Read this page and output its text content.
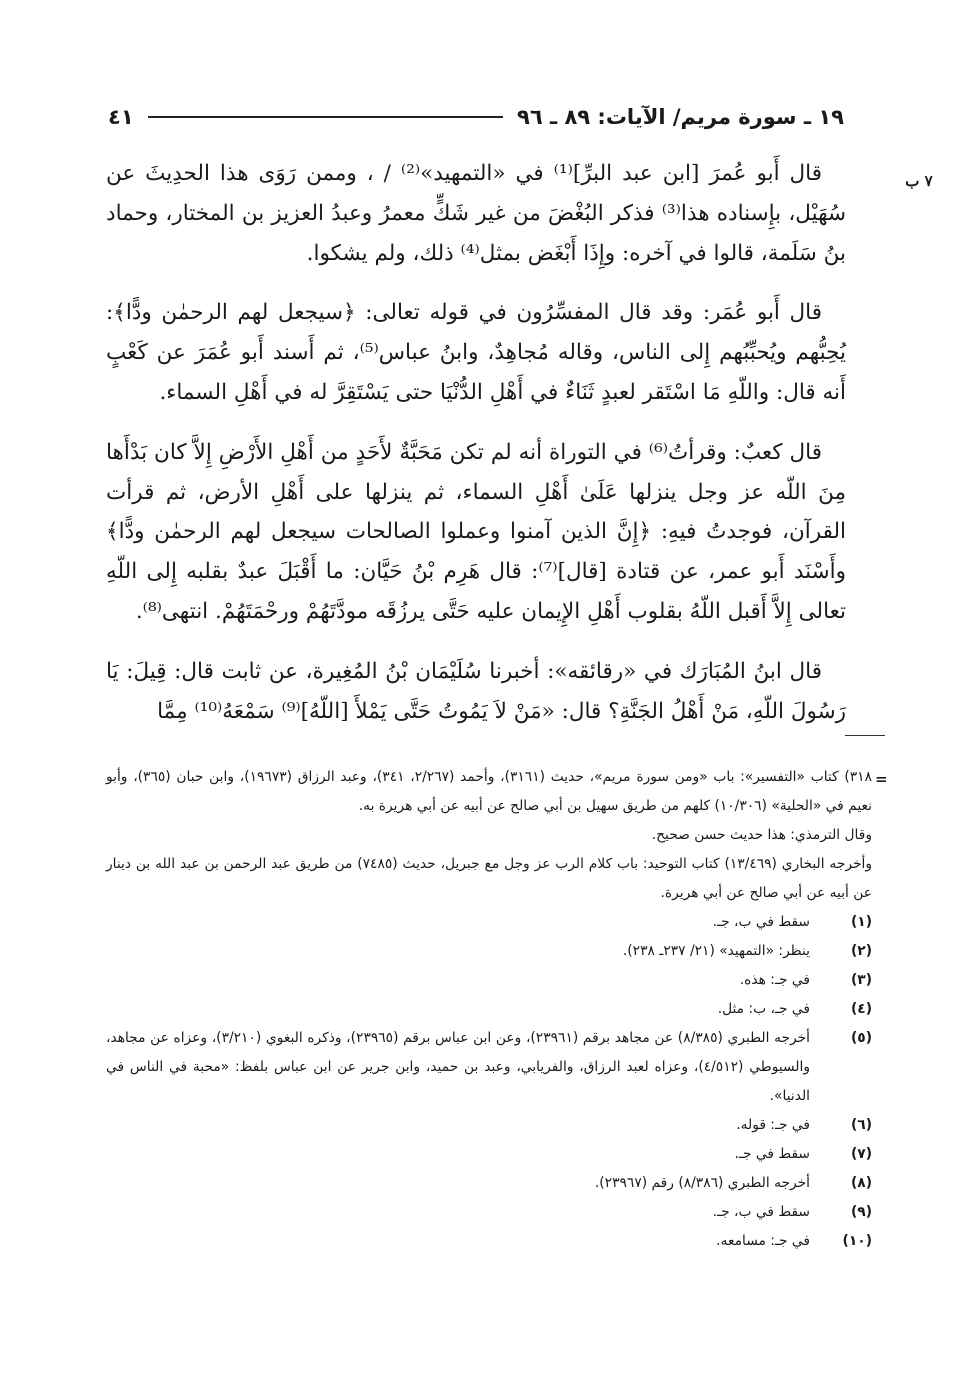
١٩ ـ سورة مريم/ الآيات: ٨٩ ـ ٩٦
٤١
٧ ب

قال أَبو عُمرَ [ابن عبد البرِّ]⁽¹⁾ في «التمهيد»⁽²⁾ / ، وممن رَوَى هذا الحدِيثَ عن سُهَيْل، بإِسناده هذا⁽³⁾ فذكر البُغْضَ من غير شَكٍّ معمرُ وعبدُ العزيز بن المختار، وحماد بنُ سَلَمة، قالوا في آخره: وإِذَا أَبْغَض بمثل⁽⁴⁾ ذلك، ولم يشكوا.

قال أَبو عُمَر: وقد قال المفسِّرُون في قوله تعالى: ﴿سيجعل لهم الرحمٰن ودًّا﴾: يُحِبُّهم ويُحبِّبُهم إِلى الناس، وقاله مُجاهِدٌ، وابنُ عباس⁽⁵⁾، ثم أَسند أَبو عُمَرَ عن كَعْبٍ أَنه قال: واللّهِ مَا اسْتَقر لعبدٍ ثَنَاءٌ في أَهْلِ الدُّنْيَا حتى يَسْتَقِرَّ له في أَهْلِ السماء.

قال كعبٌ: وقرأتُ⁽⁶⁾ في التوراة أنه لم تكن مَحَبَّةٌ لأَحَدٍ من أَهْلِ الأَرْضِ إِلاَّ كان بَدْأَها مِنَ اللّه عز وجل ينزلها عَلَىٰ أَهْلِ السماء، ثم ينزلها على أَهْلِ الأرض، ثم قرأت القرآن، فوجدتُ فيهِ: ﴿إِنَّ الذين آمنوا وعملوا الصالحات سيجعل لهم الرحمٰن ودًّا﴾ وأَسْنَد أَبو عمر، عن قتادة [قال]⁽⁷⁾: قال هَرِم بْنُ حَيَّان: ما أَقْبَلَ عبدٌ بقلبه إِلى اللّهِ تعالى إِلاَّ أَقبل اللّهُ بقلوب أَهْلِ الإِيمان عليه حَتَّى يرزُقَه مودَّتَهُمْ ورحْمَتَهُمْ. انتهى⁽⁸⁾.

قال ابنُ المُبَارَك في «رقائقه»: أخبرنا سُلَيْمَان بْنُ المُغِيرة، عن ثابت قال: قِيلَ: يَا رَسُولَ اللّهِ، مَنْ أَهْلُ الجَنَّةِ؟ قال: «مَنْ لاَ يَمُوتُ حَتَّى يَمْلأَ [اللّهُ]⁽⁹⁾ سَمْعَهُ⁽¹⁰⁾ مِمَّا

=

٣١٨) كتاب «التفسير»: باب «ومن سورة مريم»، حديث (٣١٦١)، وأحمد (٢/٢٦٧، ٣٤١)، وعبد الرزاق (١٩٦٧٣)، وابن حبان (٣٦٥)، وأبو نعيم في «الحلية» (١٠/٣٠٦) كلهم من طريق سهيل بن أبي صالح عن أبيه عن أبي هريرة به.

وقال الترمذي: هذا حديث حسن صحيح.

وأخرجه البخاري (١٣/٤٦٩) كتاب التوحيد: باب كلام الرب عز وجل مع جبريل، حديث (٧٤٨٥) من طريق عبد الرحمن بن عبد الله بن دينار عن أبيه عن أبي صالح عن أبي هريرة.

(١)
سقط في ب، جـ.
(٢)
ينظر: «التمهيد» (٢١/ ٢٣٧ـ ٢٣٨).
(٣)
في جـ: هذه.
(٤)
في جـ، ب: مثل.
(٥)
أخرجه الطبري (٨/٣٨٥) عن مجاهد برقم (٢٣٩٦١)، وعن ابن عباس برقم (٢٣٩٦٥)، وذكره البغوي (٣/٢١٠)، وعزاه عن مجاهد، والسيوطي (٤/٥١٢)، وعزاه لعبد الرزاق، والفريابي، وعبد بن حميد، وابن جرير عن ابن عباس بلفظ: «محبة في الناس في الدنيا».
(٦)
في جـ: قوله.
(٧)
سقط في جـ.
(٨)
أخرجه الطبري (٨/٣٨٦) رقم (٢٣٩٦٧).
(٩)
سقط في ب، جـ.
(١٠)
في جـ: مسامعه.
